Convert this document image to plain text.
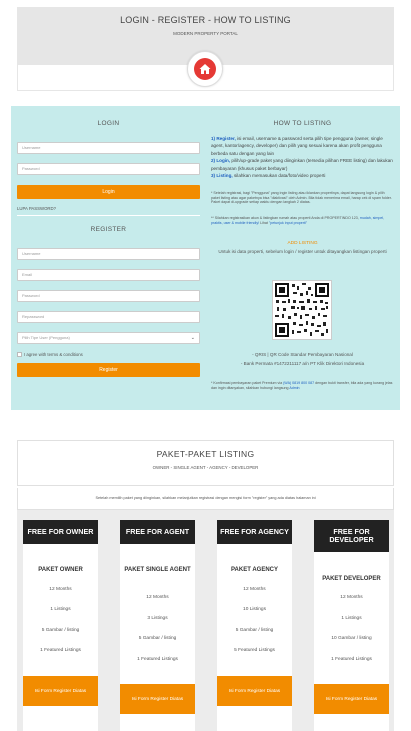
LOGIN - REGISTER - HOW TO LISTING
MODERN PROPERTY PORTAL
LOGIN
Username
Password
Login
LUPA PASSWORD?
REGISTER
Username
Email
Password
Repassword
Pilih Tipe User (Pengguna)	⌄
I agree with terms & conditions
Register
HOW TO LISTING

1) Register, isi email, username & password serta pilih tipe pengguna (owner, single agent, kantor/agency, developer) dan pilih yang sesuai karena akan profit pengguna berbeda satu dengan yang lain

2) Login, pilih/up-grade paket yang diinginkan (tersedia pilihan FREE listing) dan lakukan pembayaran (khusus paket berbayar)

3) Listing, silahkan memasukan data/foto/video properti

* Setelah registrasi, bagi "Pengguna" yang ingin listing atau iklankan propertinya, dapat langsung login & pilih paket listing atau agar paketnya bisa "diaktivasi" oleh Admin. Bila tidak menerima email, harap cek di spam folder. Paket dapat di-upgrade setiap waktu dengan langkah 2 diatas.
** Silahkan registrasikan akun & listingkan rumah atau properti Anda di PROPERTINDO 123, mudah, simpel, praktis, user & mobile friendly! Lihat "petunjuk input properti"
ADD LISTING
Untuk isi data properti, sebelum login / register untuk ditayangkan listingan properti
- QRIS | QR Code Standar Pembayaran Nasional
- Bank Permata #1472211117 a/n PT Klik Direktori Indonesia
* Konfirmasi pembayaran paket Premium via (WA) 0819 800 087 dengan bukti transfer, bila ada yang kurang jelas dan ingin ditanyakan, silahkan hubungi langsung Admin
PAKET-PAKET LISTING
OWNER - SINGLE AGENT - AGENCY - DEVELOPER
Setelah memilih paket yang diinginkan, silahkan melanjutkan registrasi dengan mengisi form "register" yang ada diatas halaman ini
FREE FOR OWNER
PAKET OWNER
12 Months
1 Listings
5 Gambar / listing
1 Featured Listings
Isi Form Register Diatas
FREE FOR AGENT
PAKET SINGLE AGENT
12 Months
3 Listings
5 Gambar / listing
1 Featured Listings
Isi Form Register Diatas
FREE FOR AGENCY
PAKET AGENCY
12 Months
10 Listings
5 Gambar / listing
5 Featured Listings
Isi Form Register Diatas
FREE FOR DEVELOPER
PAKET DEVELOPER
12 Months
1 Listings
10 Gambar / listing
1 Featured Listings
Isi Form Register Diatas
